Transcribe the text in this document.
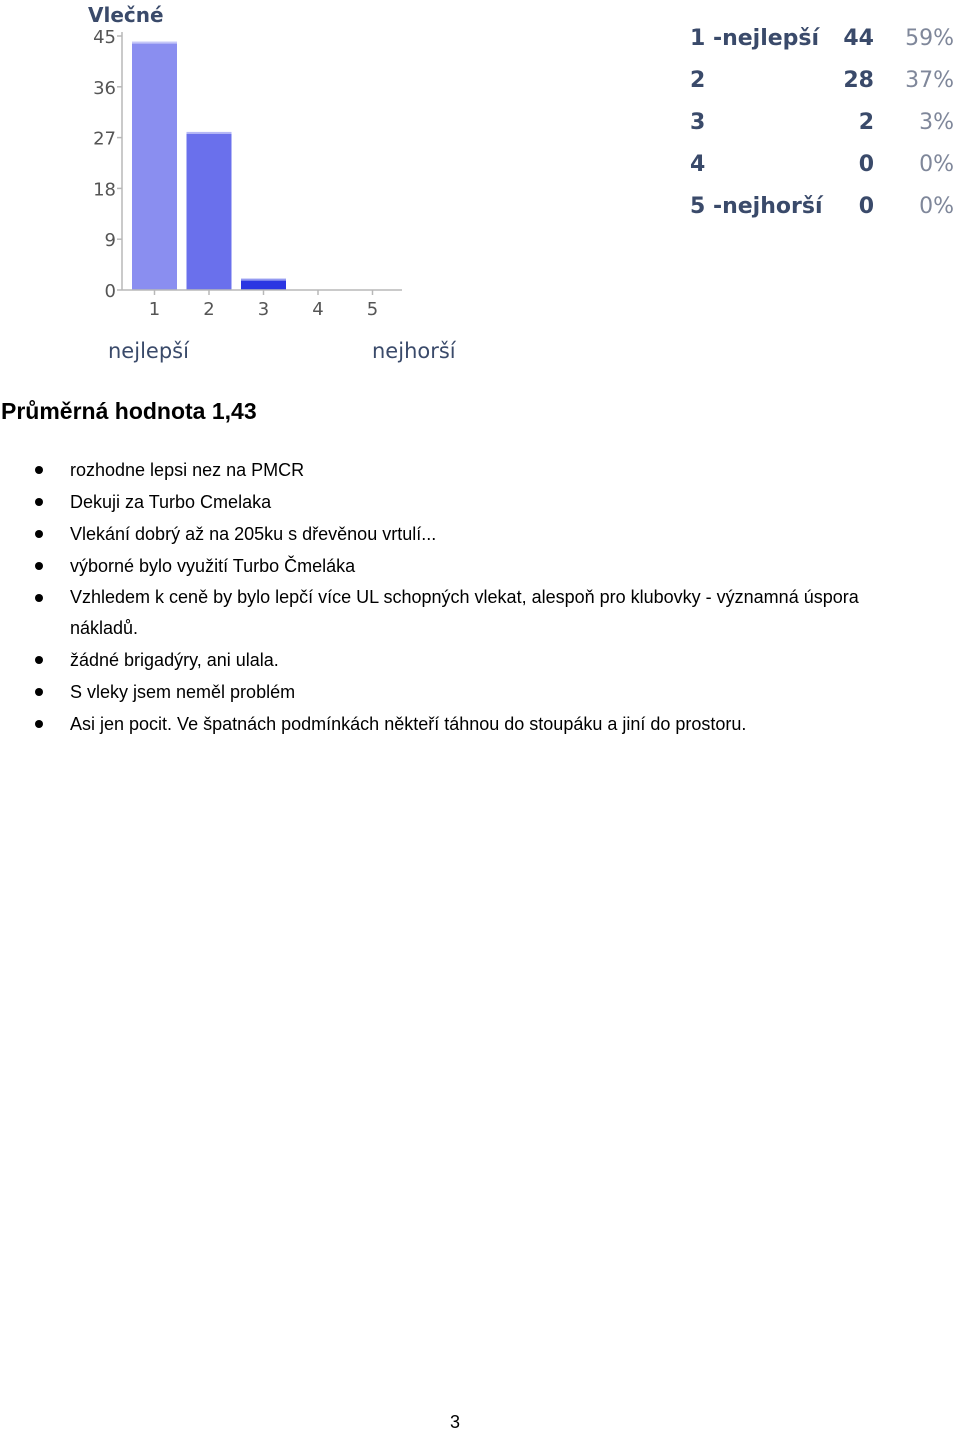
Vlečné
0
9
18
27
36
45
1 2 3 4 5
nejlepší	nejhorší
1 -nejlepší 44	59%
2	28	37%
3	2	3%
4	0	0%
5 -nejhorší	0	0%
Průměrná hodnota 1,43
rozhodne lepsi nez na PMCR
Dekuji za Turbo Cmelaka
Vlekání dobrý až na 205ku s dřevěnou vrtulí...
výborné bylo využití Turbo Čmeláka
Vzhledem k ceně by bylo lepčí více UL schopných vlekat, alespoň pro klubovky - významná úspora nákladů.
žádné brigadýry, ani ulala.
S vleky jsem neměl problém
Asi jen pocit. Ve špatnách podmínkách někteří táhnou do stoupáku a jiní do prostoru.
3
